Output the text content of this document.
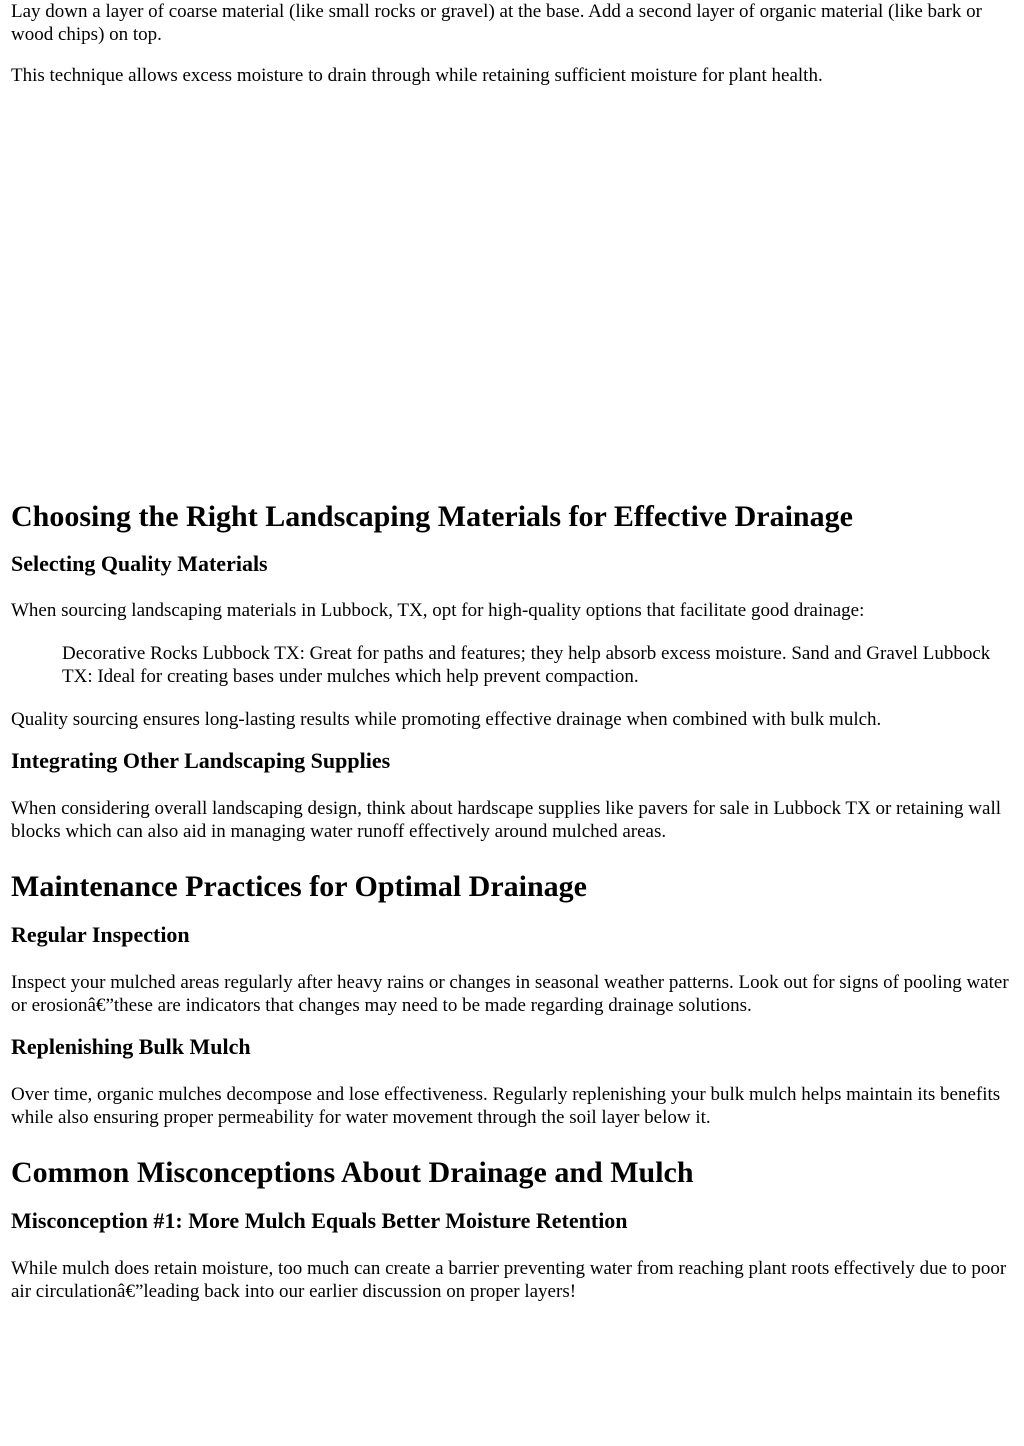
Lay down a layer of coarse material (like small rocks or gravel) at the base. Add a second layer of organic material (like bark or wood chips) on top.

This technique allows excess moisture to drain through while retaining sufficient moisture for plant health.

Choosing the Right Landscaping Materials for Effective Drainage
Selecting Quality Materials

When sourcing landscaping materials in Lubbock, TX, opt for high-quality options that facilitate good drainage:

Decorative Rocks Lubbock TX: Great for paths and features; they help absorb excess moisture. Sand and Gravel Lubbock TX: Ideal for creating bases under mulches which help prevent compaction.

Quality sourcing ensures long-lasting results while promoting effective drainage when combined with bulk mulch.

Integrating Other Landscaping Supplies

When considering overall landscaping design, think about hardscape supplies like pavers for sale in Lubbock TX or retaining wall blocks which can also aid in managing water runoff effectively around mulched areas.

Maintenance Practices for Optimal Drainage
Regular Inspection

Inspect your mulched areas regularly after heavy rains or changes in seasonal weather patterns. Look out for signs of pooling water or erosionâ€”these are indicators that changes may need to be made regarding drainage solutions.

Replenishing Bulk Mulch

Over time, organic mulches decompose and lose effectiveness. Regularly replenishing your bulk mulch helps maintain its benefits while also ensuring proper permeability for water movement through the soil layer below it.

Common Misconceptions About Drainage and Mulch
Misconception #1: More Mulch Equals Better Moisture Retention

While mulch does retain moisture, too much can create a barrier preventing water from reaching plant roots effectively due to poor air circulationâ€”leading back into our earlier discussion on proper layers!
